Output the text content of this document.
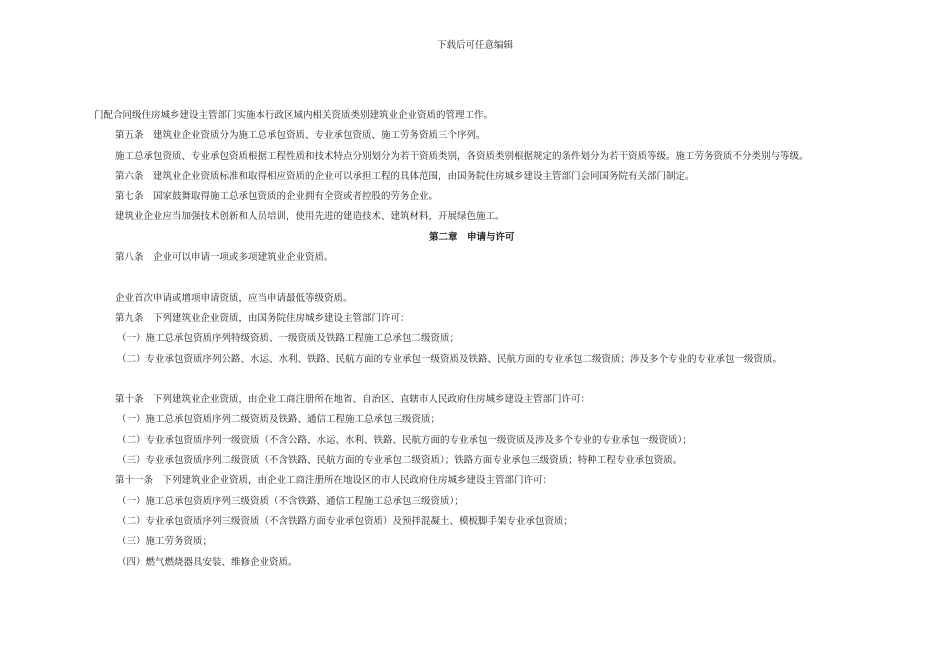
下载后可任意编辑
门配合同级住房城乡建设主管部门实施本行政区域内相关资质类别建筑业企业资质的管理工作。
第五条　建筑业企业资质分为施工总承包资质、专业承包资质、施工劳务资质三个序列。
施工总承包资质、专业承包资质根据工程性质和技术特点分别划分为若干资质类别，各资质类别根据规定的条件划分为若干资质等级。施工劳务资质不分类别与等级。
第六条　建筑业企业资质标准和取得相应资质的企业可以承担工程的具体范围，由国务院住房城乡建设主管部门会同国务院有关部门制定。
第七条　国家鼓舞取得施工总承包资质的企业拥有全资或者控股的劳务企业。
建筑业企业应当加强技术创新和人员培训，使用先进的建造技术、建筑材料，开展绿色施工。
第二章　申请与许可
第八条　企业可以申请一项或多项建筑业企业资质。
企业首次申请或增项申请资质，应当申请最低等级资质。
第九条　下列建筑业企业资质，由国务院住房城乡建设主管部门许可：
（一）施工总承包资质序列特级资质、一级资质及铁路工程施工总承包二级资质；
（二）专业承包资质序列公路、水运、水利、铁路、民航方面的专业承包一级资质及铁路、民航方面的专业承包二级资质；涉及多个专业的专业承包一级资质。
第十条　下列建筑业企业资质，由企业工商注册所在地省、自治区、直辖市人民政府住房城乡建设主管部门许可：
（一）施工总承包资质序列二级资质及铁路、通信工程施工总承包三级资质；
（二）专业承包资质序列一级资质（不含公路、水运、水利、铁路、民航方面的专业承包一级资质及涉及多个专业的专业承包一级资质）；
（三）专业承包资质序列二级资质（不含铁路、民航方面的专业承包二级资质）；铁路方面专业承包三级资质；特种工程专业承包资质。
第十一条　下列建筑业企业资质，由企业工商注册所在地设区的市人民政府住房城乡建设主管部门许可：
（一）施工总承包资质序列三级资质（不含铁路、通信工程施工总承包三级资质）；
（二）专业承包资质序列三级资质（不含铁路方面专业承包资质）及预拌混凝土、模板脚手架专业承包资质；
（三）施工劳务资质；
（四）燃气燃烧器具安装、维修企业资质。
